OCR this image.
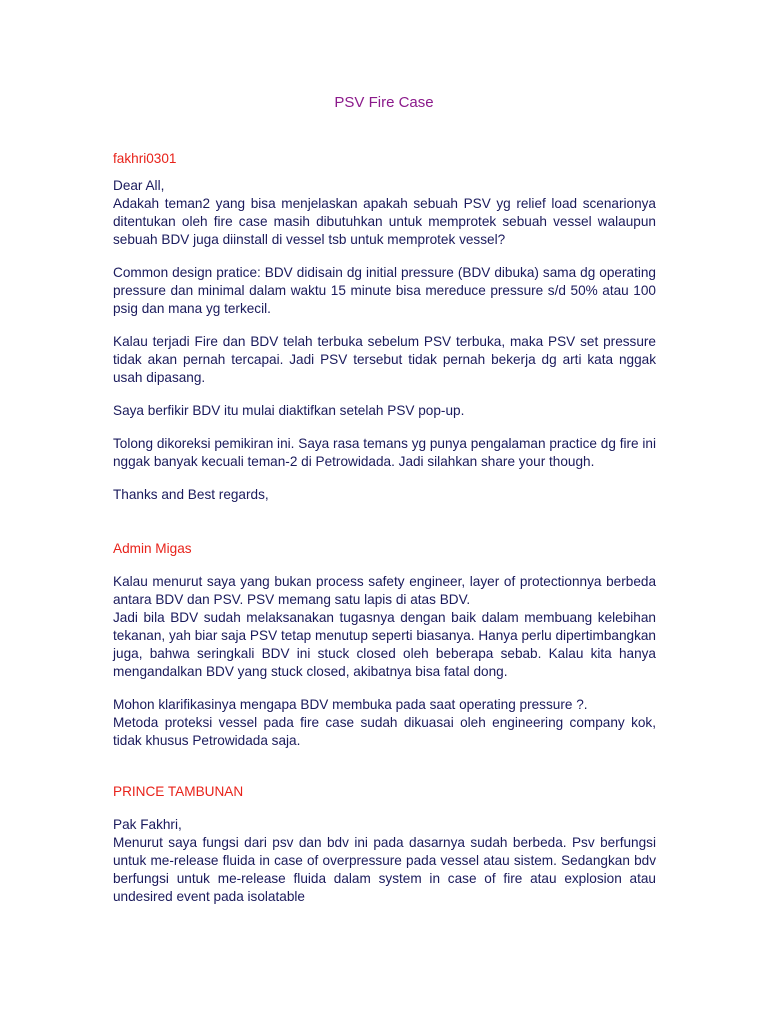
PSV Fire Case

fakhri0301

Dear All,
Adakah teman2 yang bisa menjelaskan apakah sebuah PSV yg relief load scenarionya ditentukan oleh fire case masih dibutuhkan untuk memprotek sebuah vessel walaupun sebuah BDV juga diinstall di vessel tsb untuk memprotek vessel?

Common design pratice: BDV didisain dg initial pressure (BDV dibuka) sama dg operating pressure dan minimal dalam waktu 15 minute bisa mereduce pressure s/d 50% atau 100 psig dan mana yg terkecil.

Kalau terjadi Fire dan BDV telah terbuka sebelum PSV terbuka, maka PSV set pressure tidak akan pernah tercapai. Jadi PSV tersebut tidak pernah bekerja dg arti kata nggak usah dipasang.

Saya berfikir BDV itu mulai diaktifkan setelah PSV pop-up.

Tolong dikoreksi pemikiran ini. Saya rasa temans yg punya pengalaman practice dg fire ini nggak banyak kecuali teman-2 di Petrowidada. Jadi silahkan share your though.

Thanks and Best regards,

Admin Migas

Kalau menurut saya yang bukan process safety engineer, layer of protectionnya berbeda antara BDV dan PSV. PSV memang satu lapis di atas BDV.
Jadi bila BDV sudah melaksanakan tugasnya dengan baik dalam membuang kelebihan tekanan, yah biar saja PSV tetap menutup seperti biasanya. Hanya perlu dipertimbangkan juga, bahwa seringkali BDV ini stuck closed oleh beberapa sebab. Kalau kita hanya mengandalkan BDV yang stuck closed, akibatnya bisa fatal dong.

Mohon klarifikasinya mengapa BDV membuka pada saat operating pressure ?.
Metoda proteksi vessel pada fire case sudah dikuasai oleh engineering company kok, tidak khusus Petrowidada saja.

PRINCE TAMBUNAN

Pak Fakhri,
Menurut saya fungsi dari psv dan bdv ini pada dasarnya sudah berbeda. Psv berfungsi untuk me-release fluida in case of overpressure pada vessel atau sistem. Sedangkan bdv berfungsi untuk me-release fluida dalam system in case of fire atau explosion atau undesired event pada isolatable
